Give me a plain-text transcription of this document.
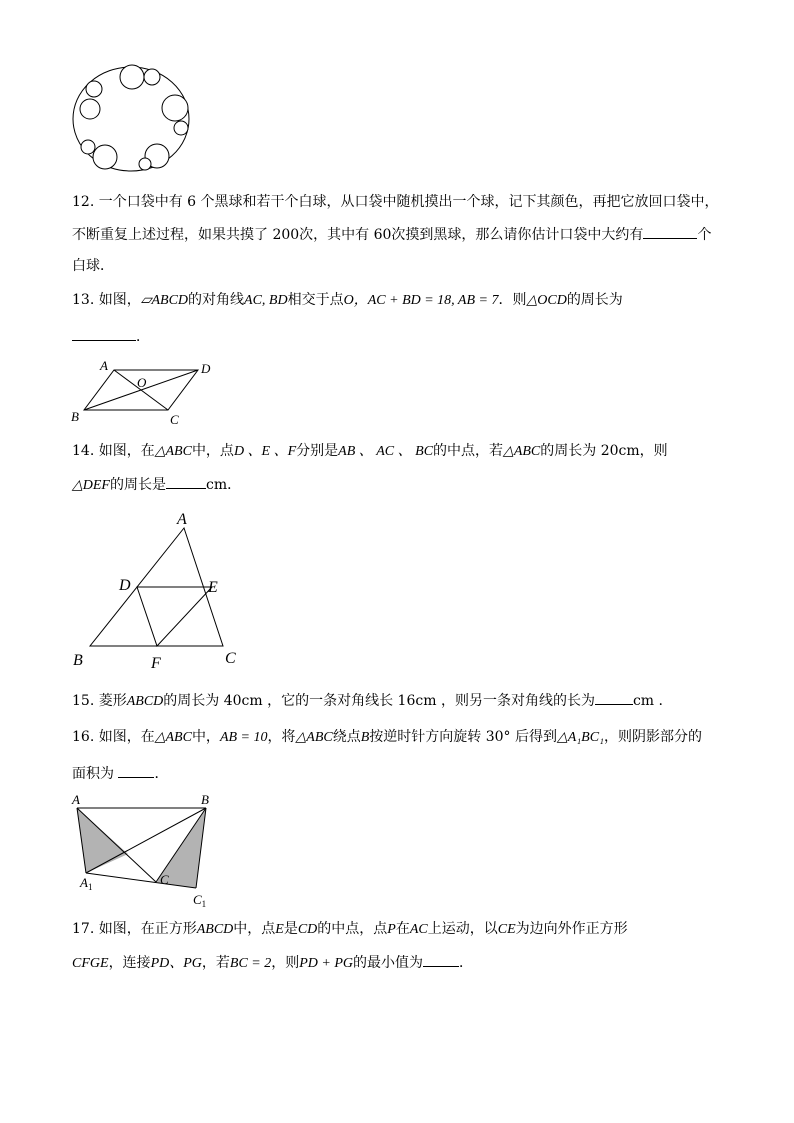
12. 一个口袋中有 6 个黑球和若干个白球，从口袋中随机摸出一个球，记下其颜色，再把它放回口袋中，
不断重复上述过程，如果共摸了 200次，其中有 60次摸到黑球，那么请你估计口袋中大约有	个
白球．
13. 如图，▱ABCD的对角线AC, BD相交于点O，AC + BD = 18, AB = 7．则△OCD的周长为
．
A	D
O
B	C
14. 如图，在△ABC中，点D 、E 、F分别是AB 、 AC 、 BC的中点，若△ABC的周长为 20cm，则
△DEF的周长是	cm．
A
D	E
B	F	C
15. 菱形ABCD的周长为 40cm ，它的一条对角线长 16cm ，则另一条对角线的长为	cm .
16. 如图，在△ABC中，AB = 10，将△ABC绕点B按逆时针方向旋转 30° 后得到△A₁BC₁，则阴影部分的
面积为	．
A	B
$A_1$	C
$C_1$
17. 如图，在正方形ABCD中，点E是CD的中点，点P在AC上运动，以CE为边向外作正方形
CFGE，连接PD、PG，若BC = 2，则PD + PG的最小值为	．
